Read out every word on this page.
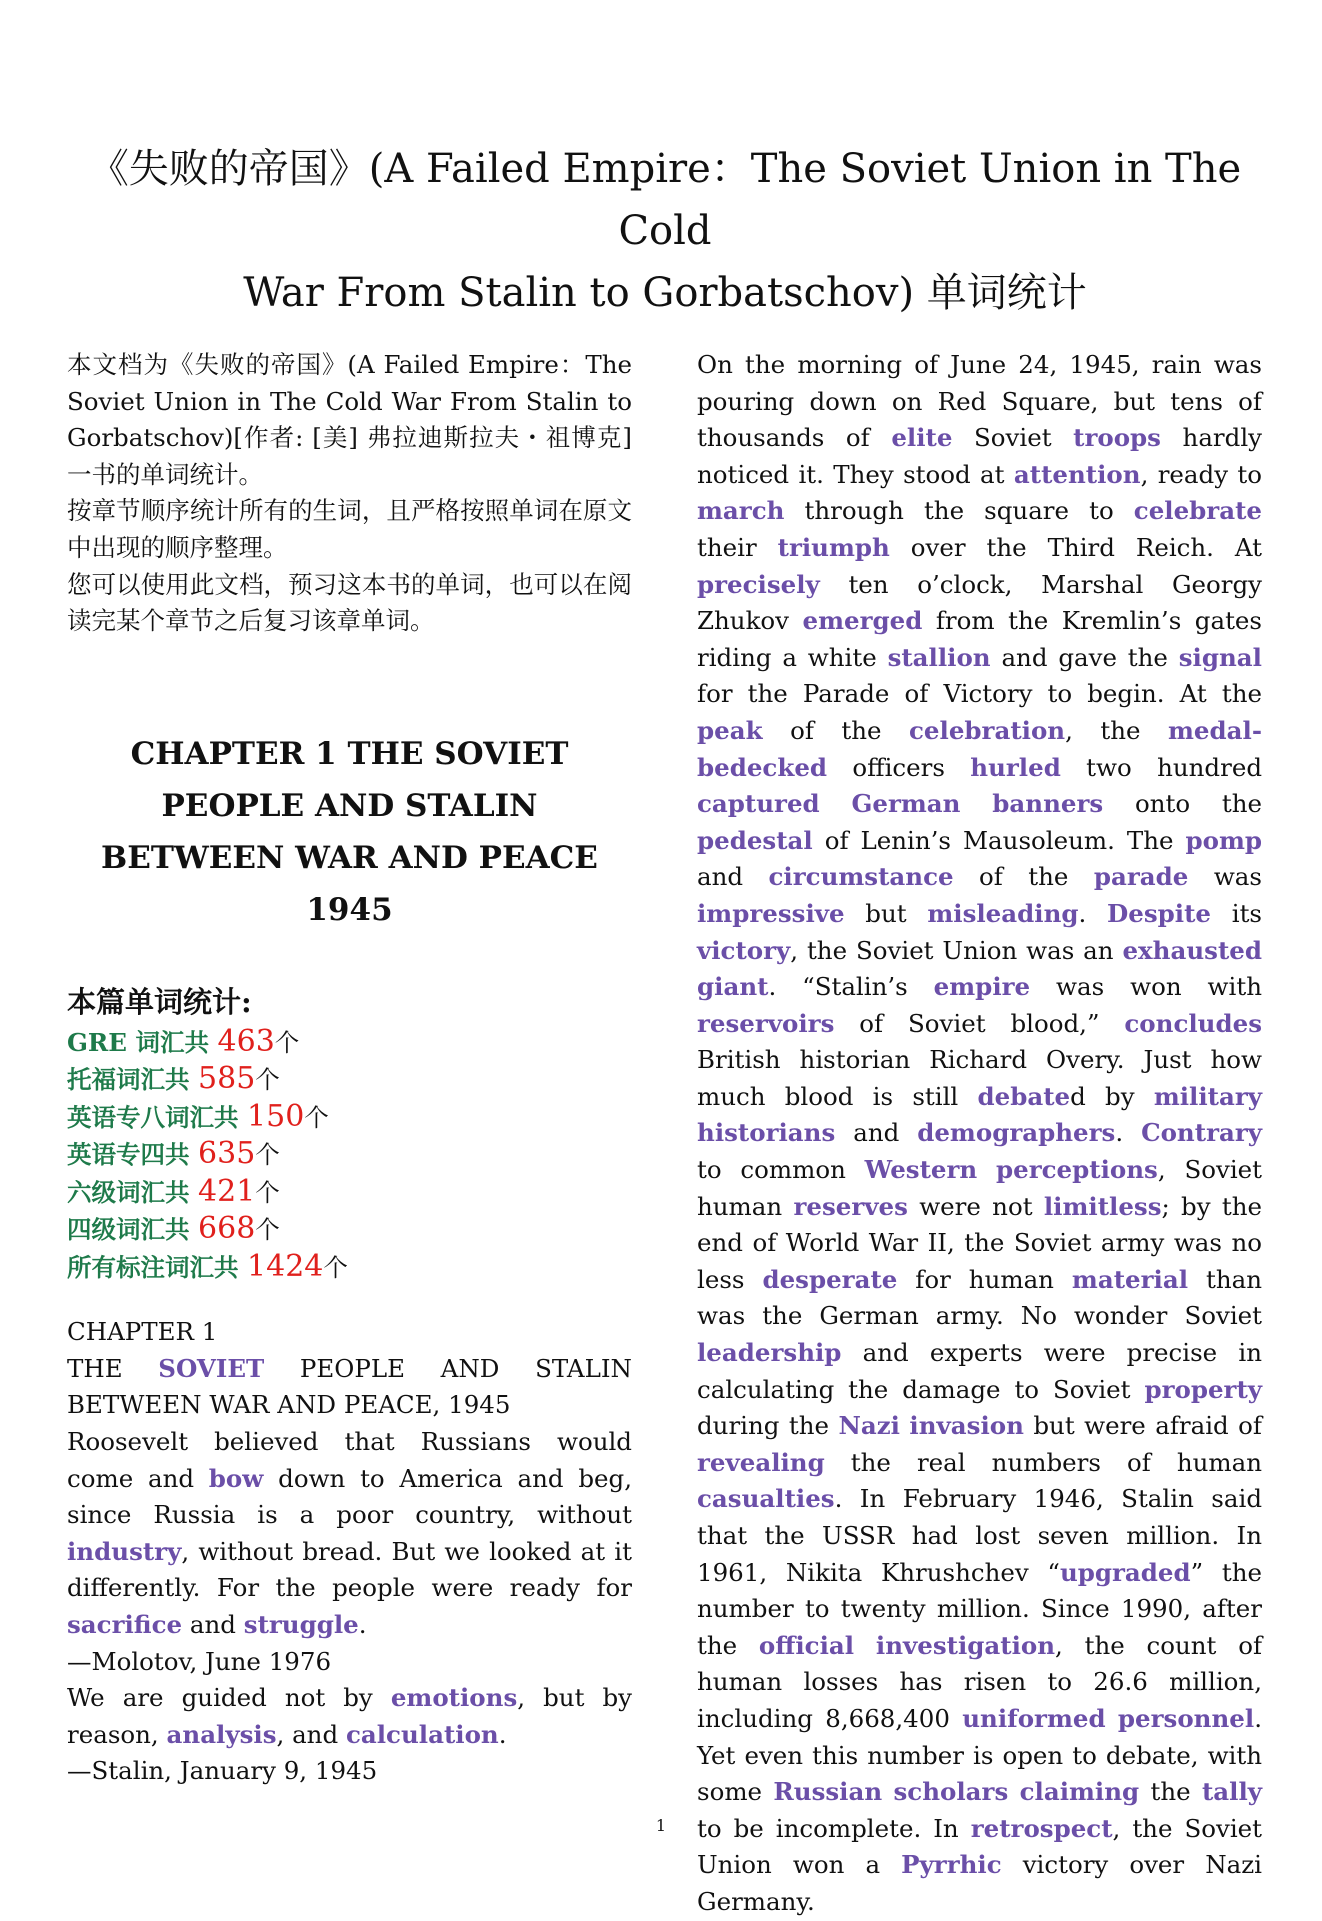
《失败的帝国》(A Failed Empire：The Soviet Union in The Cold
War From Stalin to Gorbatschov) 单词统计

本文档为《失败的帝国》(A Failed Empire：The Soviet Union in The Cold War From Stalin to Gorbatschov)[作者: [美] 弗拉迪斯拉夫・祖博克] 一书的单词统计。

按章节顺序统计所有的生词，且严格按照单词在原文中出现的顺序整理。

您可以使用此文档，预习这本书的单词，也可以在阅读完某个章节之后复习该章单词。

CHAPTER 1 THE SOVIET
PEOPLE AND STALIN
BETWEEN WAR AND PEACE
1945
本篇单词统计:
GRE 词汇共 463个
托福词汇共 585个
英语专八词汇共 150个
英语专四共 635个
六级词汇共 421个
四级词汇共 668个
所有标注词汇共 1424个

CHAPTER 1

THE SOVIET PEOPLE AND STALIN BETWEEN WAR AND PEACE, 1945

Roosevelt believed that Russians would come and bow down to America and beg, since Russia is a poor country, without industry, without bread. But we looked at it differently. For the people were ready for sacrifice and struggle.

—Molotov, June 1976

We are guided not by emotions, but by reason, analysis, and calculation.

—Stalin, January 9, 1945

On the morning of June 24, 1945, rain was pouring down on Red Square, but tens of thousands of elite Soviet troops hardly noticed it. They stood at attention, ready to march through the square to celebrate their triumph over the Third Reich. At precisely ten o’clock, Marshal Georgy Zhukov emerged from the Kremlin’s gates riding a white stallion and gave the signal for the Parade of Victory to begin. At the peak of the celebration, the medal-bedecked officers hurled two hundred captured German banners onto the pedestal of Lenin’s Mausoleum. The pomp and circumstance of the parade was impressive but misleading. Despite its victory, the Soviet Union was an exhausted giant. “Stalin’s empire was won with reservoirs of Soviet blood,” concludes British historian Richard Overy. Just how much blood is still debated by military historians and demographers. Contrary to common Western perceptions, Soviet human reserves were not limitless; by the end of World War II, the Soviet army was no less desperate for human material than was the German army. No wonder Soviet leadership and experts were precise in calculating the damage to Soviet property during the Nazi invasion but were afraid of revealing the real numbers of human casualties. In February 1946, Stalin said that the USSR had lost seven million. In 1961, Nikita Khrushchev “upgraded” the number to twenty million. Since 1990, after the official investigation, the count of human losses has risen to 26.6 million, including 8,668,400 uniformed personnel. Yet even this number is open to debate, with some Russian scholars claiming the tally to be incomplete. In retrospect, the Soviet Union won a Pyrrhic victory over Nazi Germany.

1
